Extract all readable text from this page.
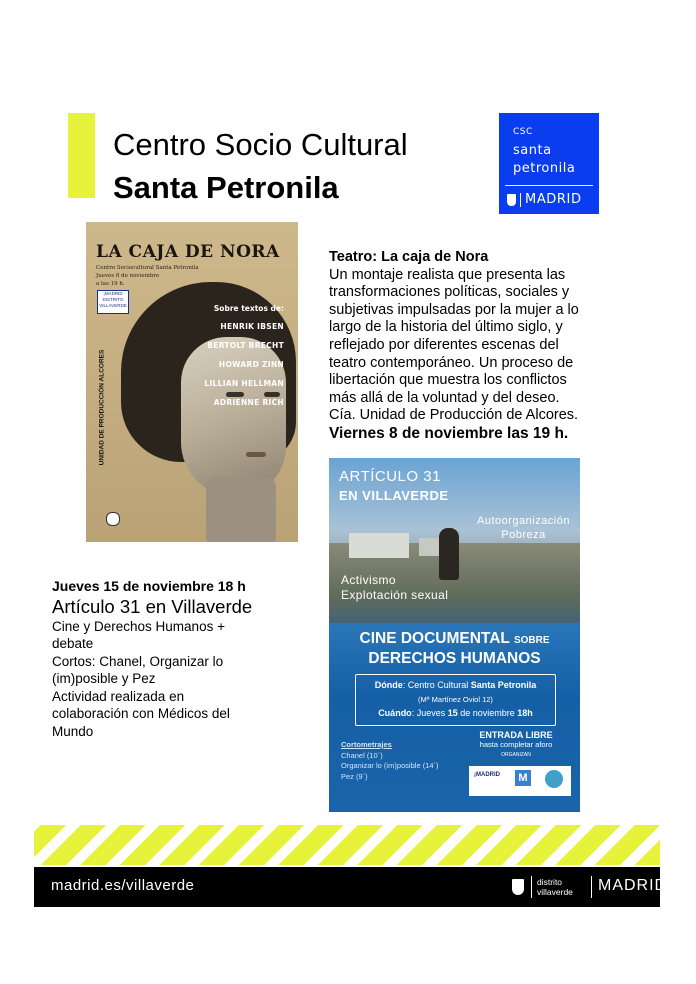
Centro Socio Cultural
Santa Petronila
CSC
santa
petronila
MADRID
LA CAJA DE NORA
Centro Sociocultural Santa Petronila
Jueves 8 de noviembre
a las 19 h.
¡MADRID
DISTRITO
VILLAVERDE	Sobre textos de:
HENRIK IBSEN
BERTOLT BRECHT
HOWARD ZINN
LILLIAN HELLMAN
ADRIENNE RICH
UNIDAD DE PRODUCCIÓN ALCORES
Teatro: La caja de Nora
Un montaje realista que presenta las
transformaciones políticas, sociales y
subjetivas impulsadas por la mujer a lo
largo de la historia del último siglo, y
reflejado por diferentes escenas del
teatro contemporáneo. Un proceso de
libertación que muestra los conflictos
más allá de la voluntad y del deseo.
Cía. Unidad de Producción de Alcores.
Viernes 8 de noviembre las 19 h.
ARTÍCULO 31
EN VILLAVERDE
Autoorganización
Pobreza
Activismo
Explotación sexual
CINE DOCUMENTAL SOBRE
DERECHOS HUMANOS
Dónde: Centro Cultural Santa Petronila
(Mª Martínez Oviol 12)
Cuándo: Jueves 15 de noviembre 18h
ENTRADA LIBRE
hasta completar aforo
ORGANIZAN
Cortometrajes
Chanel (10´)
Organizar lo (im)posible (14´)
Pez (9´)	¡MADRID	M
Jueves 15 de noviembre 18 h
Artículo 31 en Villaverde
Cine y Derechos Humanos +
debate
Cortos: Chanel, Organizar lo
(im)posible y Pez
Actividad realizada en
colaboración con Médicos del
Mundo
madrid.es/villaverde	distrito
villaverde MADRID
